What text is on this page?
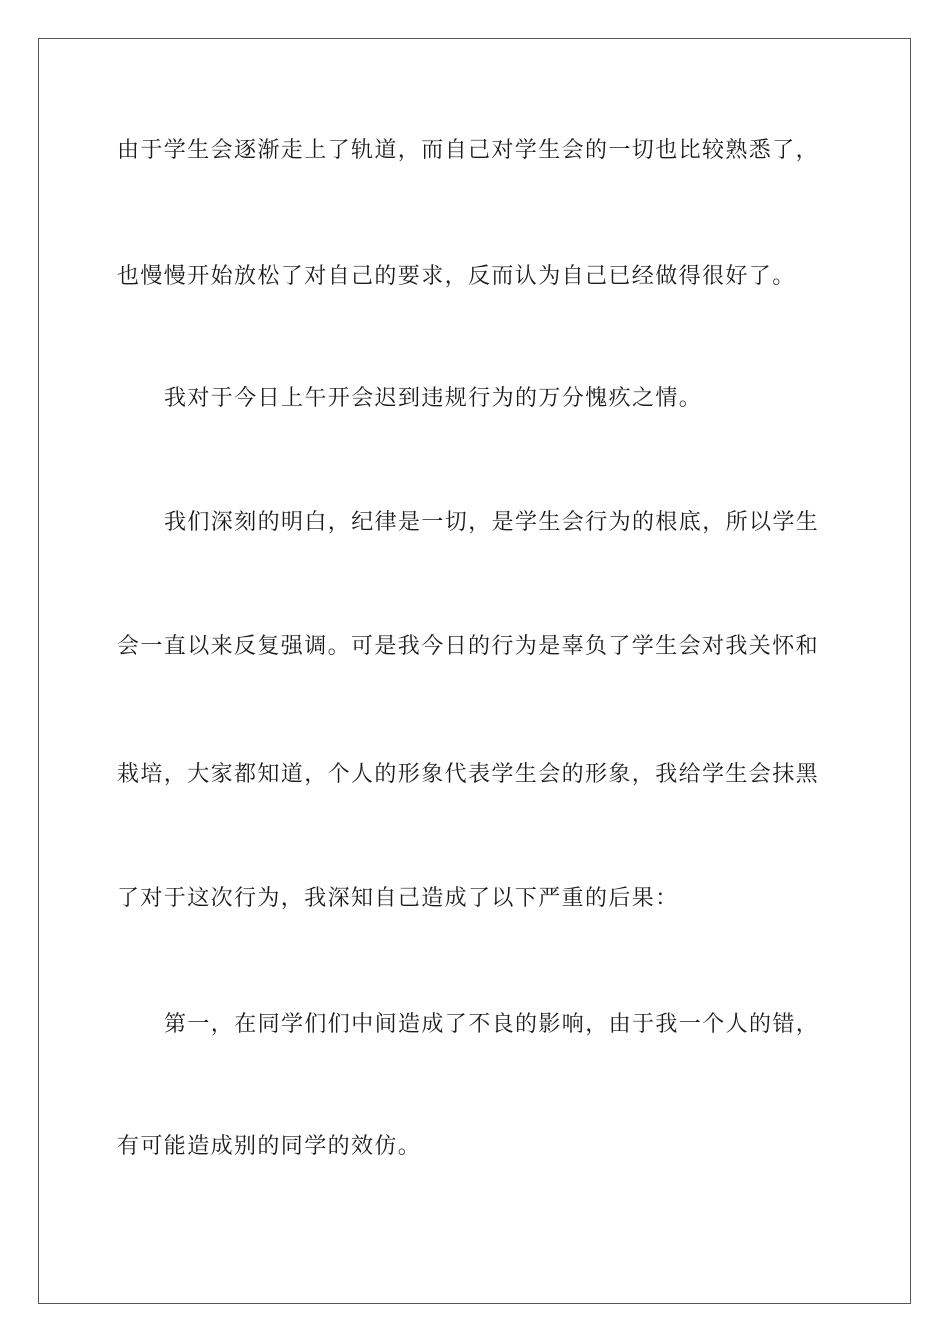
由于学生会逐渐走上了轨道，而自己对学生会的一切也比较熟悉了，
也慢慢开始放松了对自己的要求，反而认为自己已经做得很好了。
我对于今日上午开会迟到违规行为的万分愧疚之情。
我们深刻的明白，纪律是一切，是学生会行为的根底，所以学生
会一直以来反复强调。可是我今日的行为是辜负了学生会对我关怀和
栽培，大家都知道，个人的形象代表学生会的形象，我给学生会抹黑
了对于这次行为，我深知自己造成了以下严重的后果：
第一，在同学们们中间造成了不良的影响，由于我一个人的错，
有可能造成别的同学的效仿。
